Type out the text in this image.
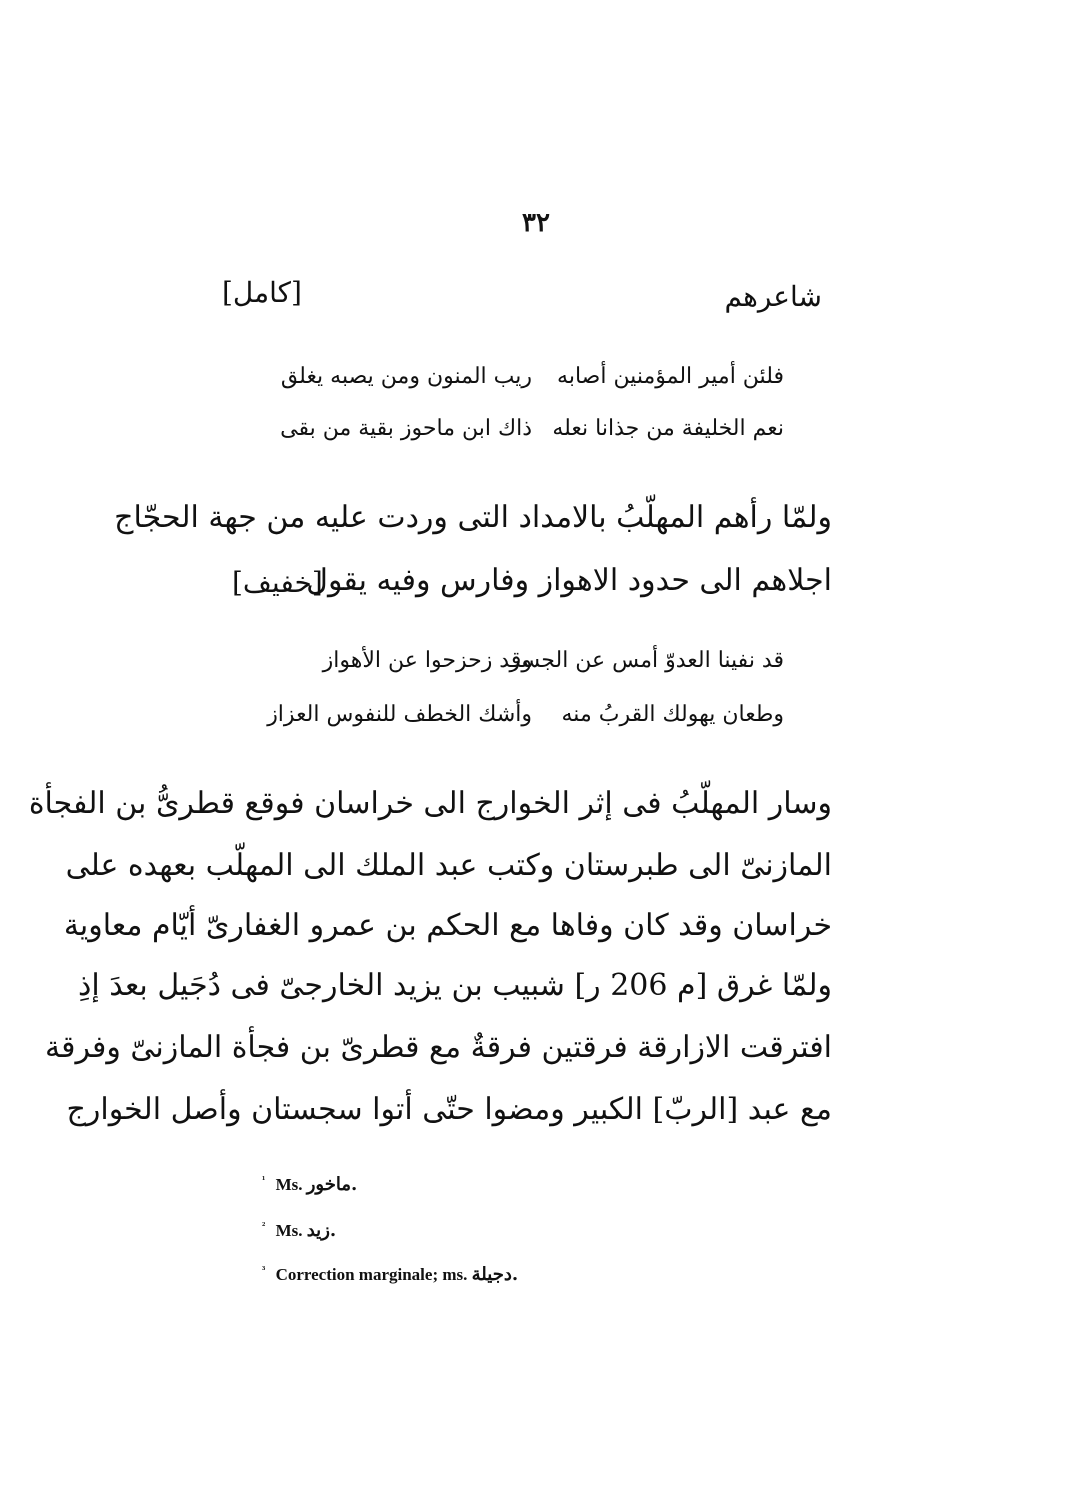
٣٢
شاعرهم
[كامل]
فلئن أمير المؤمنين أصابه
ريب المنون ومن يصبه يغلق
نعم الخليفة من جذانا نعله
ذاك ابن ماحوز بقية من بقى
ولمّا رأهم المهلّبُ بالامداد التى وردت عليه من جهة الحجّاج
اجلاهم الى حدود الاهواز وفارس وفيه يقول
[خفيف]
قد نفينا العدوّ أمس عن الجسر
وقد زحزحوا عن الأهواز
وطعان يهولك القربُ منه
وأشك الخطف للنفوس العزاز
وسار المهلّبُ فى إثر الخوارج الى خراسان فوقع قطرىُّ بن الفجأة
المازنىّ الى طبرستان وكتب عبد الملك الى المهلّب بعهده على
خراسان وقد كان وفاها مع الحكم بن عمرو الغفارىّ أيّام معاوية
ولمّا غرق [م 206 ر] شبيب بن يزيد الخارجىّ فى دُجَيل بعدَ إذِ
افترقت الازارقة فرقتين فرقةٌ مع قطرىّ بن فجأة المازنىّ وفرقة
مع عبد [الربّ] الكبير ومضوا حتّى أتوا سجستان وأصل الخوارج
$^{^1}$ Ms. ماخور.
$^{^2}$ Ms. زيد.
$^{^3}$ Correction marginale; ms. دجيلة.
